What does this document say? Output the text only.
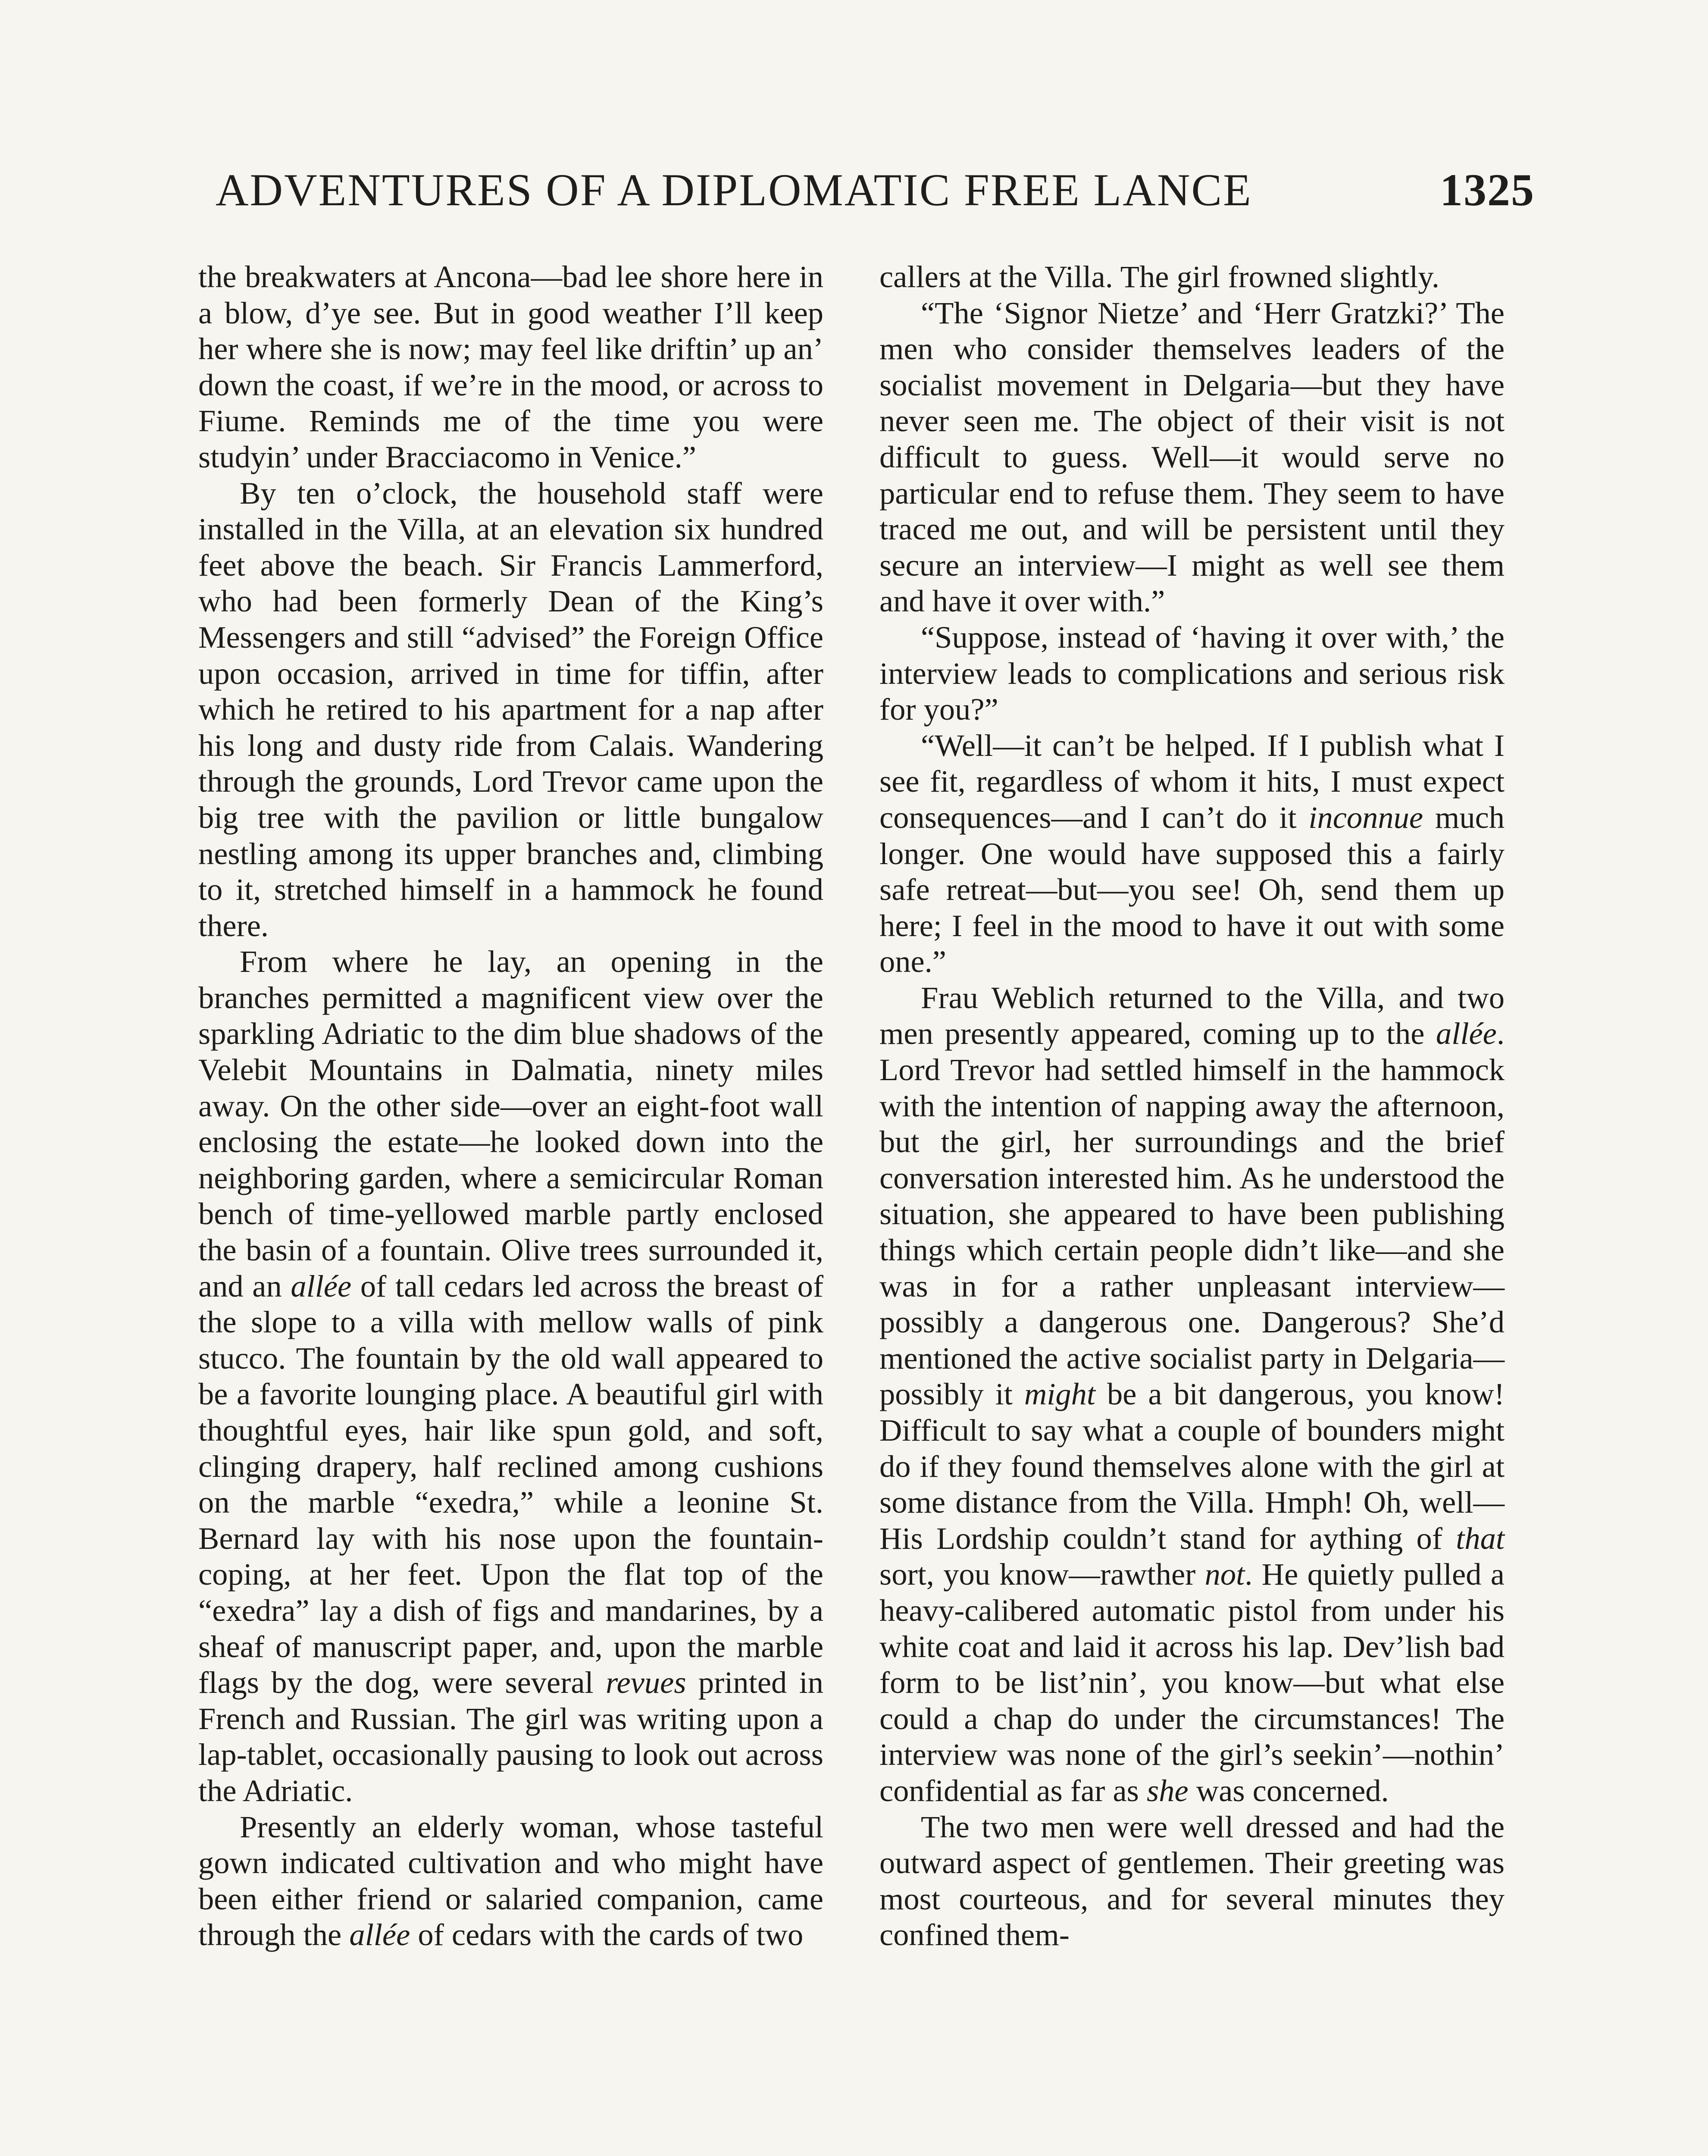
ADVENTURES OF A DIPLOMATIC FREE LANCE	1325

the breakwaters at Ancona—bad lee shore here in a blow, d’ye see. But in good weather I’ll keep her where she is now; may feel like driftin’ up an’ down the coast, if we’re in the mood, or across to Fiume. Reminds me of the time you were studyin’ under Bracciacomo in Venice.”

By ten o’clock, the household staff were installed in the Villa, at an elevation six hundred feet above the beach. Sir Francis Lammerford, who had been formerly Dean of the King’s Messengers and still “advised” the Foreign Office upon occasion, arrived in time for tiffin, after which he retired to his apartment for a nap after his long and dusty ride from Calais. Wandering through the grounds, Lord Trevor came upon the big tree with the pavilion or little bungalow nestling among its upper branches and, climbing to it, stretched himself in a hammock he found there.

From where he lay, an opening in the branches permitted a magnificent view over the sparkling Adriatic to the dim blue shadows of the Velebit Mountains in Dalmatia, ninety miles away. On the other side—over an eight-foot wall enclosing the estate—he looked down into the neighboring garden, where a semicircular Roman bench of time-yellowed marble partly enclosed the basin of a fountain. Olive trees surrounded it, and an allée of tall cedars led across the breast of the slope to a villa with mellow walls of pink stucco. The fountain by the old wall appeared to be a favorite lounging place. A beautiful girl with thoughtful eyes, hair like spun gold, and soft, clinging drapery, half reclined among cushions on the marble “exedra,” while a leonine St. Bernard lay with his nose upon the fountain-coping, at her feet. Upon the flat top of the “exedra” lay a dish of figs and mandarines, by a sheaf of manuscript paper, and, upon the marble flags by the dog, were several revues printed in French and Russian. The girl was writing upon a lap-tablet, occasionally pausing to look out across the Adriatic.

Presently an elderly woman, whose tasteful gown indicated cultivation and who might have been either friend or salaried companion, came through the allée of cedars with the cards of two

callers at the Villa. The girl frowned slightly.

“The ‘Signor Nietze’ and ‘Herr Gratzki?’ The men who consider themselves leaders of the socialist movement in Delgaria—but they have never seen me. The object of their visit is not difficult to guess. Well—it would serve no particular end to refuse them. They seem to have traced me out, and will be persistent until they secure an interview—I might as well see them and have it over with.”

“Suppose, instead of ‘having it over with,’ the interview leads to complications and serious risk for you?”

“Well—it can’t be helped. If I publish what I see fit, regardless of whom it hits, I must expect consequences—and I can’t do it inconnue much longer. One would have supposed this a fairly safe retreat—but—you see! Oh, send them up here; I feel in the mood to have it out with some one.”

Frau Weblich returned to the Villa, and two men presently appeared, coming up to the allée. Lord Trevor had settled himself in the hammock with the intention of napping away the afternoon, but the girl, her surroundings and the brief conversation interested him. As he understood the situation, she appeared to have been publishing things which certain people didn’t like—and she was in for a rather unpleasant interview—possibly a dangerous one. Dangerous? She’d mentioned the active socialist party in Delgaria—possibly it might be a bit dangerous, you know! Difficult to say what a couple of bounders might do if they found themselves alone with the girl at some distance from the Villa. Hmph! Oh, well—His Lordship couldn’t stand for aything of that sort, you know—rawther not. He quietly pulled a heavy-calibered automatic pistol from under his white coat and laid it across his lap. Dev’lish bad form to be list’nin’, you know—but what else could a chap do under the circumstances! The interview was none of the girl’s seekin’—nothin’ confidential as far as she was concerned.

The two men were well dressed and had the outward aspect of gentlemen. Their greeting was most courteous, and for several minutes they confined them-
